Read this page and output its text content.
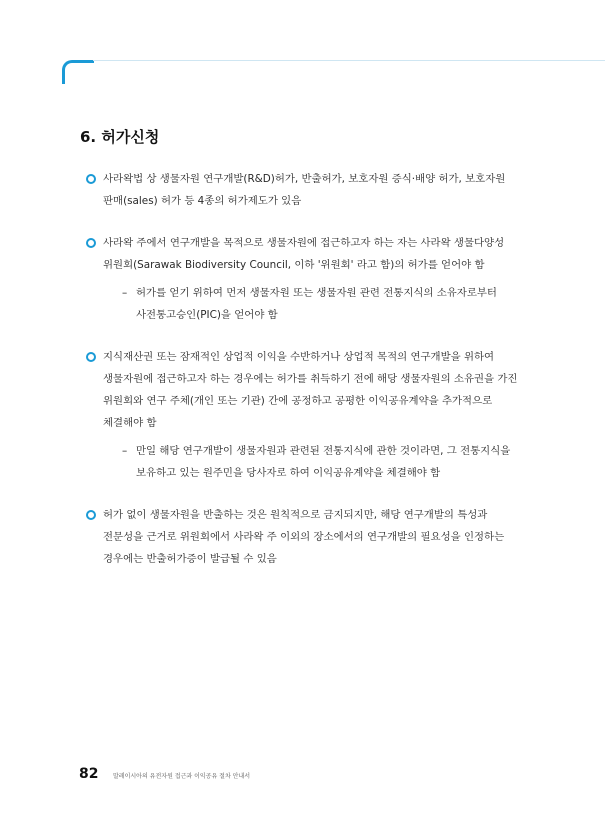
6. 허가신청
사라왁법 상 생물자원 연구개발(R&D)허가, 반출허가, 보호자원 증식·배양 허가, 보호자원 판매(sales) 허가 등 4종의 허가제도가 있음
사라왁 주에서 연구개발을 목적으로 생물자원에 접근하고자 하는 자는 사라왁 생물다양성 위원회(Sarawak Biodiversity Council, 이하 '위원회' 라고 함)의 허가를 얻어야 함
– 허가를 얻기 위하여 먼저 생물자원 또는 생물자원 관련 전통지식의 소유자로부터 사전통고승인(PIC)을 얻어야 함
지식재산권 또는 잠재적인 상업적 이익을 수반하거나 상업적 목적의 연구개발을 위하여 생물자원에 접근하고자 하는 경우에는 허가를 취득하기 전에 해당 생물자원의 소유권을 가진 위원회와 연구 주체(개인 또는 기관) 간에 공정하고 공평한 이익공유계약을 추가적으로 체결해야 함
– 만일 해당 연구개발이 생물자원과 관련된 전통지식에 관한 것이라면, 그 전통지식을 보유하고 있는 원주민을 당사자로 하여 이익공유계약을 체결해야 함
허가 없이 생물자원을 반출하는 것은 원칙적으로 금지되지만, 해당 연구개발의 특성과 전문성을 근거로 위원회에서 사라왁 주 이외의 장소에서의 연구개발의 필요성을 인정하는 경우에는 반출허가증이 발급될 수 있음
82 말레이시아의 유전자원 접근과 이익공유 절차 안내서
